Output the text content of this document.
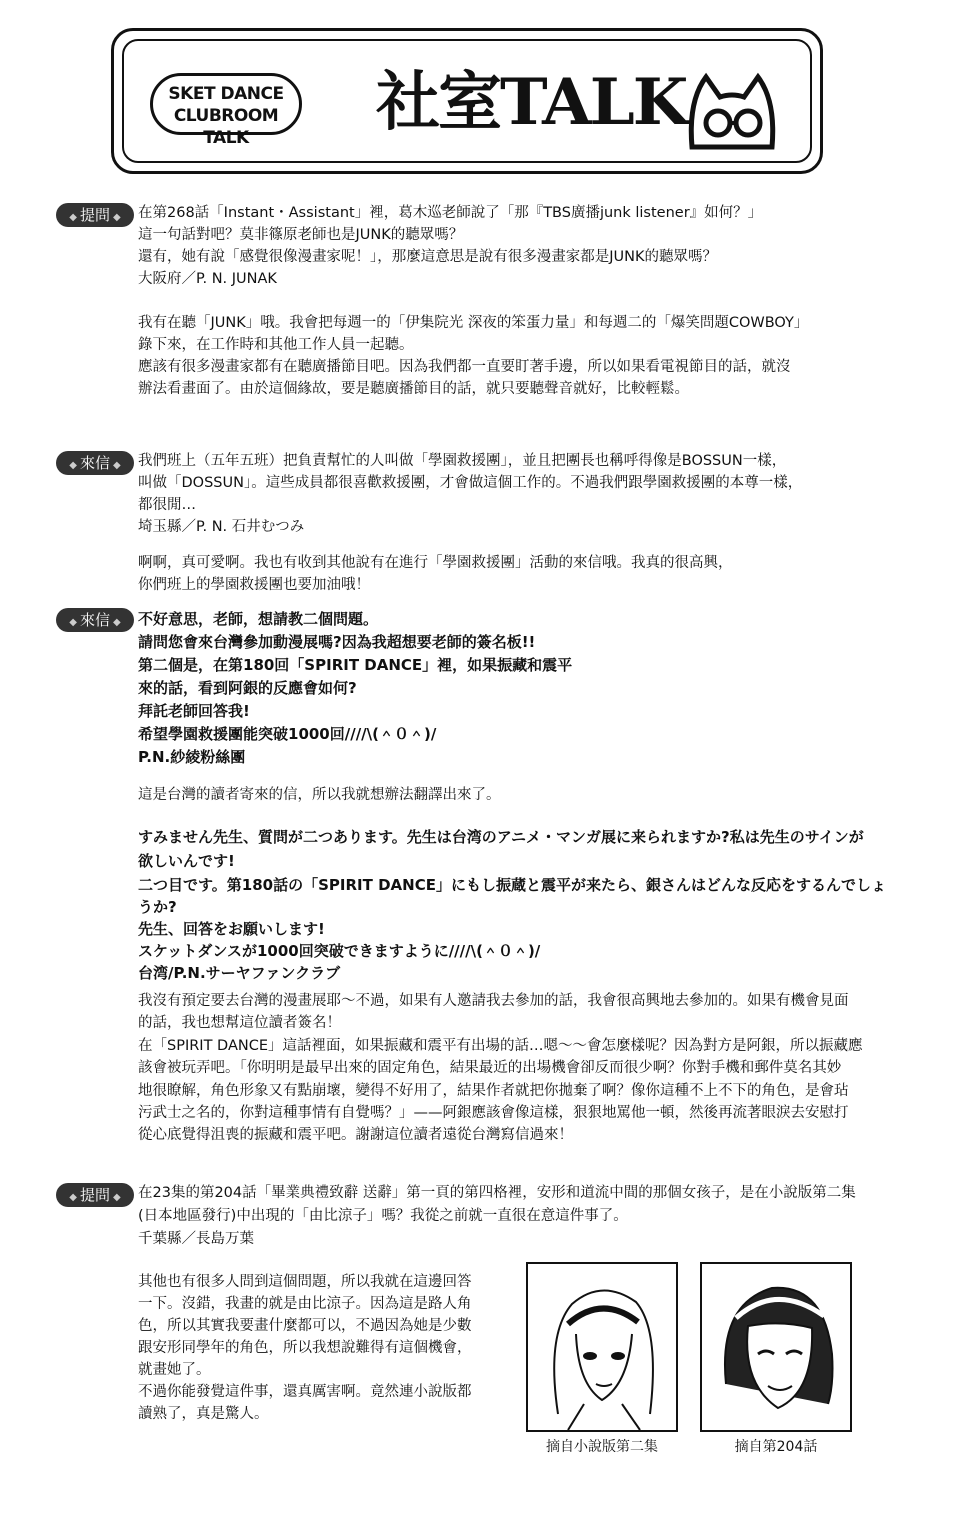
SKET DANCE
CLUBROOM TALK	社室TALK
◆ 提問 ◆	在第268話「Instant・Assistant」裡，葛木巡老師說了「那『TBS廣播junk listener』如何？」
這一句話對吧？莫非篠原老師也是JUNK的聽眾嗎？
還有，她有說「感覺很像漫畫家呢！」，那麼這意思是說有很多漫畫家都是JUNK的聽眾嗎？
大阪府／P. N. JUNAK
我有在聽「JUNK」哦。我會把每週一的「伊集院光 深夜的笨蛋力量」和每週二的「爆笑問題COWBOY」
錄下來，在工作時和其他工作人員一起聽。
應該有很多漫畫家都有在聽廣播節目吧。因為我們都一直要盯著手邊，所以如果看電視節目的話，就沒
辦法看畫面了。由於這個緣故，要是聽廣播節目的話，就只要聽聲音就好，比較輕鬆。
◆ 來信 ◆	我們班上（五年五班）把負責幫忙的人叫做「學園救援團」，並且把團長也稱呼得像是BOSSUN一樣，
叫做「DOSSUN」。這些成員都很喜歡救援團，才會做這個工作的。不過我們跟學園救援團的本尊一樣，
都很閒…
埼玉縣／P. N. 石井むつみ
啊啊，真可愛啊。我也有收到其他說有在進行「學園救援團」活動的來信哦。我真的很高興，
你們班上的學園救援團也要加油哦！
◆ 來信 ◆	不好意思，老師，想請教二個問題。
請問您會來台灣參加動漫展嗎?因為我超想要老師的簽名板!!
第二個是，在第180回「SPIRIT DANCE」裡，如果振藏和震平
來的話，看到阿銀的反應會如何?
拜託老師回答我!
希望學園救援團能突破1000回////\(＾０＾)/
P.N.紗綾粉絲團
這是台灣的讀者寄來的信，所以我就想辦法翻譯出來了。
すみません先生、質問が二つあります。先生は台湾のアニメ・マンガ展に来られますか?私は先生のサインが
欲しいんです!
二つ目です。第180話の「SPIRIT DANCE」にもし振蔵と震平が来たら、銀さんはどんな反応をするんでしょ
うか?
先生、回答をお願いします!
スケットダンスが1000回突破できますように////\(＾０＾)/
台湾/P.N.サーヤファンクラブ
我沒有預定要去台灣的漫畫展耶～不過，如果有人邀請我去參加的話，我會很高興地去參加的。如果有機會見面
的話，我也想幫這位讀者簽名！
在「SPIRIT DANCE」這話裡面，如果振藏和震平有出場的話…嗯～～會怎麼樣呢？因為對方是阿銀，所以振藏應
該會被玩弄吧。「你明明是最早出來的固定角色，結果最近的出場機會卻反而很少啊？你對手機和郵件莫名其妙
地很瞭解，角色形象又有點崩壞，變得不好用了，結果作者就把你拋棄了啊？像你這種不上不下的角色，是會玷
污武士之名的，你對這種事情有自覺嗎？」——阿銀應該會像這樣，狠狠地罵他一頓，然後再流著眼淚去安慰打
從心底覺得沮喪的振藏和震平吧。謝謝這位讀者遠從台灣寫信過來！
◆ 提問 ◆	在23集的第204話「畢業典禮致辭 送辭」第一頁的第四格裡，安形和道流中間的那個女孩子，是在小說版第二集
(日本地區發行)中出現的「由比涼子」嗎？我從之前就一直很在意這件事了。
千葉縣／長島万葉
其他也有很多人問到這個問題，所以我就在這邊回答
一下。沒錯，我畫的就是由比涼子。因為這是路人角
色，所以其實我要畫什麼都可以，不過因為她是少數
跟安形同學年的角色，所以我想說難得有這個機會，
就畫她了。
不過你能發覺這件事，還真厲害啊。竟然連小說版都
讀熟了，真是驚人。
摘自小說版第二集	摘自第204話
